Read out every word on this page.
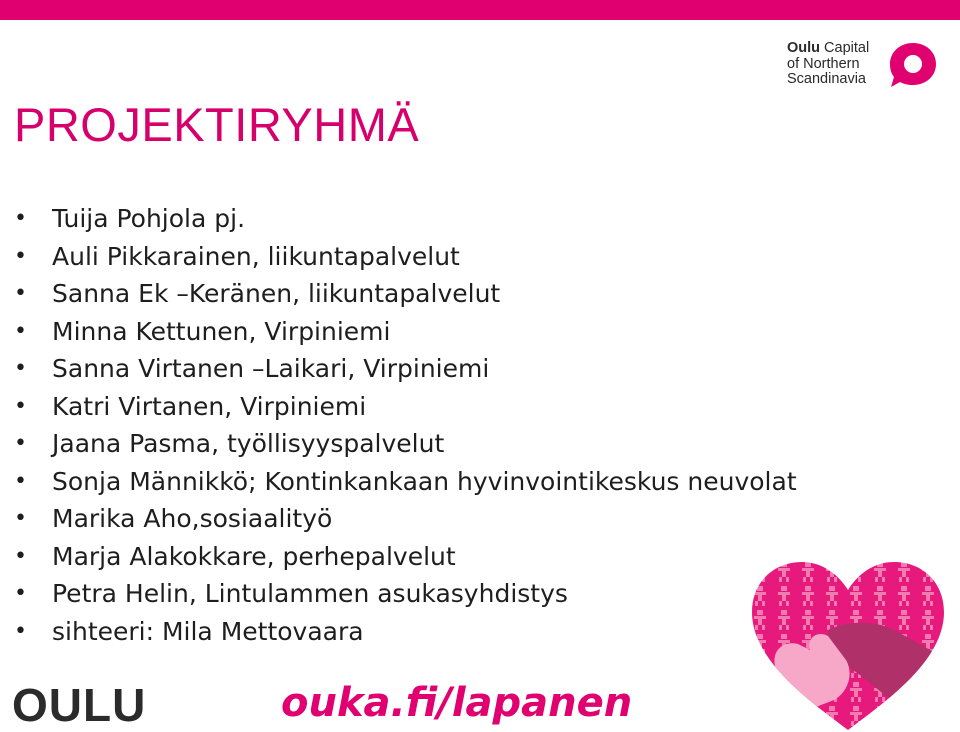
Oulu Capital
of Northern
Scandinavia
PROJEKTIRYHMÄ
• Tuija Pohjola pj.
• Auli Pikkarainen, liikuntapalvelut
• Sanna Ek –Keränen, liikuntapalvelut
• Minna Kettunen, Virpiniemi
• Sanna Virtanen –Laikari, Virpiniemi
• Katri Virtanen, Virpiniemi
• Jaana Pasma, työllisyyspalvelut
• Sonja Männikkö; Kontinkankaan hyvinvointikeskus neuvolat
• Marika Aho,sosiaalityö
• Marja Alakokkare, perhepalvelut
• Petra Helin, Lintulammen asukasyhdistys
• sihteeri: Mila Mettovaara
OULU	ouka.fi/lapanen
